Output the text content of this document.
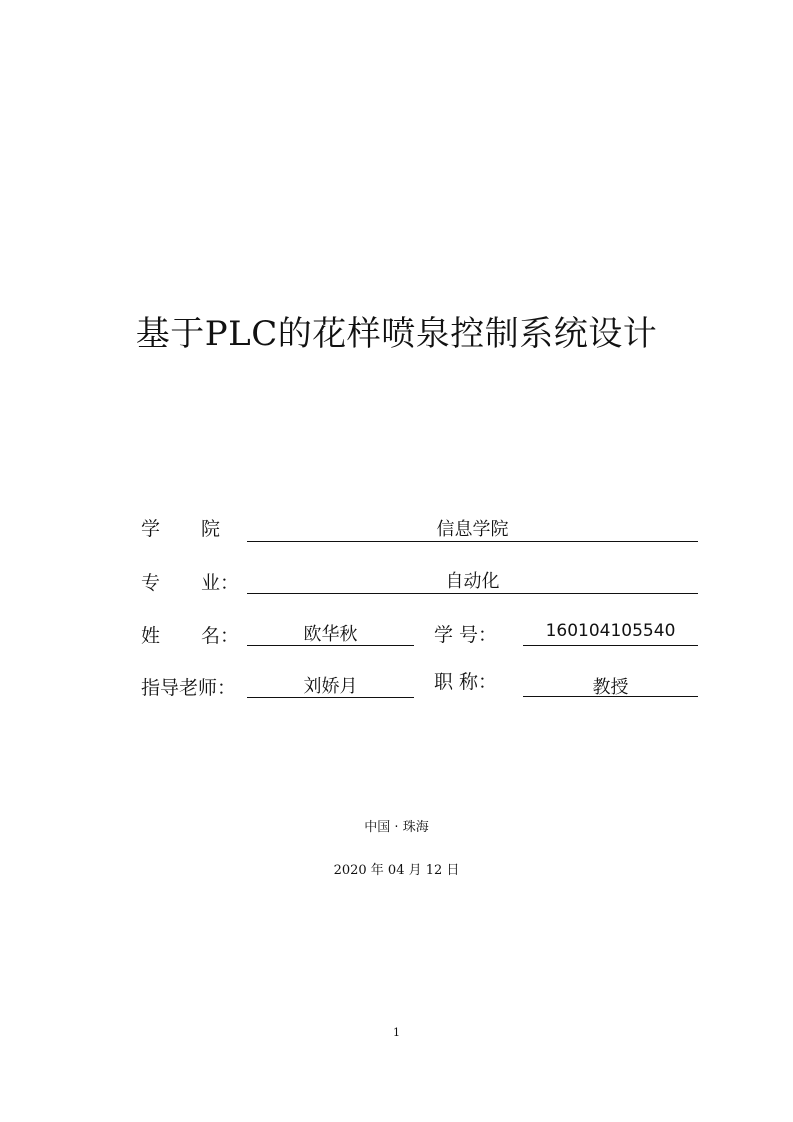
基于PLC的花样喷泉控制系统设计
学 院	信息学院
专 业：	自动化
姓 名：	欧华秋	学 号：	160104105540
指导老师：	刘娇月	职 称：	教授
中国 · 珠海
2020 年 04 月 12 日
1
